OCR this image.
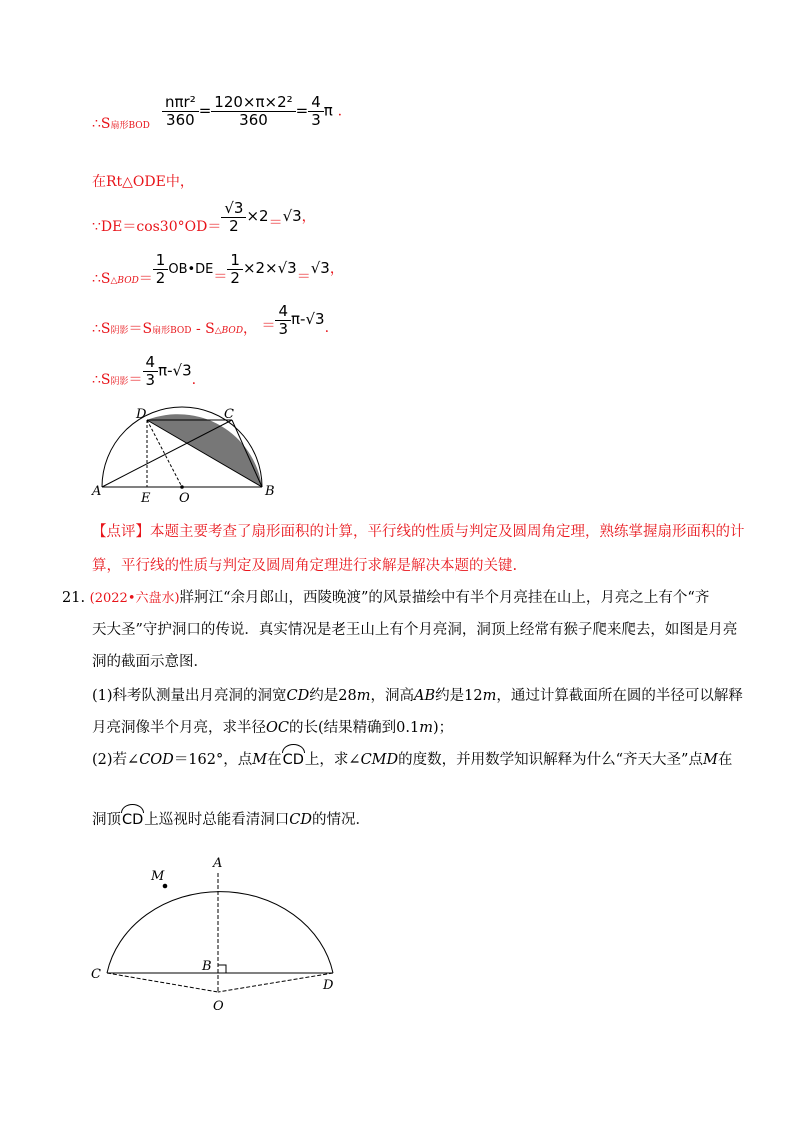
∴S扇形BOD $\frac{\text{nπr²}}{360} = \frac{\text{120×π×2²}}{360} = \frac{4}{3}$ π .
在Rt△ODE中，
∵DE＝cos30°OD＝ $\frac{√3}{2} \times 2=√3$，
∴S△BOD＝ $\frac{1}{2}$ OB•DE＝ $\frac{1}{2} \times 2\times√3=√3$，
∴S阴影＝S扇形BOD - S△BOD， ＝ $\frac{4}{3} \pi-√3$.
∴S阴影＝ $\frac{4}{3} \pi-√3$.
D	C
A	E O	B
【点评】本题主要考查了扇形面积的计算，平行线的性质与判定及圆周角定理，熟练掌握扇形面积的计
算，平行线的性质与判定及圆周角定理进行求解是解决本题的关键.
21. (2022•六盘水)牂牁江“余月郎山，西陵晚渡”的风景描绘中有半个月亮挂在山上，月亮之上有个“齐
天大圣”守护洞口的传说．真实情况是老王山上有个月亮洞，洞顶上经常有猴子爬来爬去，如图是月亮
洞的截面示意图．
(1)科考队测量出月亮洞的洞宽CD约是28m，洞高AB约是12m，通过计算截面所在圆的半径可以解释
月亮洞像半个月亮，求半径OC的长(结果精确到0.1m)；
(2)若∠COD＝162°，点M在CD上，求∠CMD的度数，并用数学知识解释为什么“齐天大圣”点M在
洞顶CD上巡视时总能看清洞口CD的情况．
M
A
B
C
O
D
